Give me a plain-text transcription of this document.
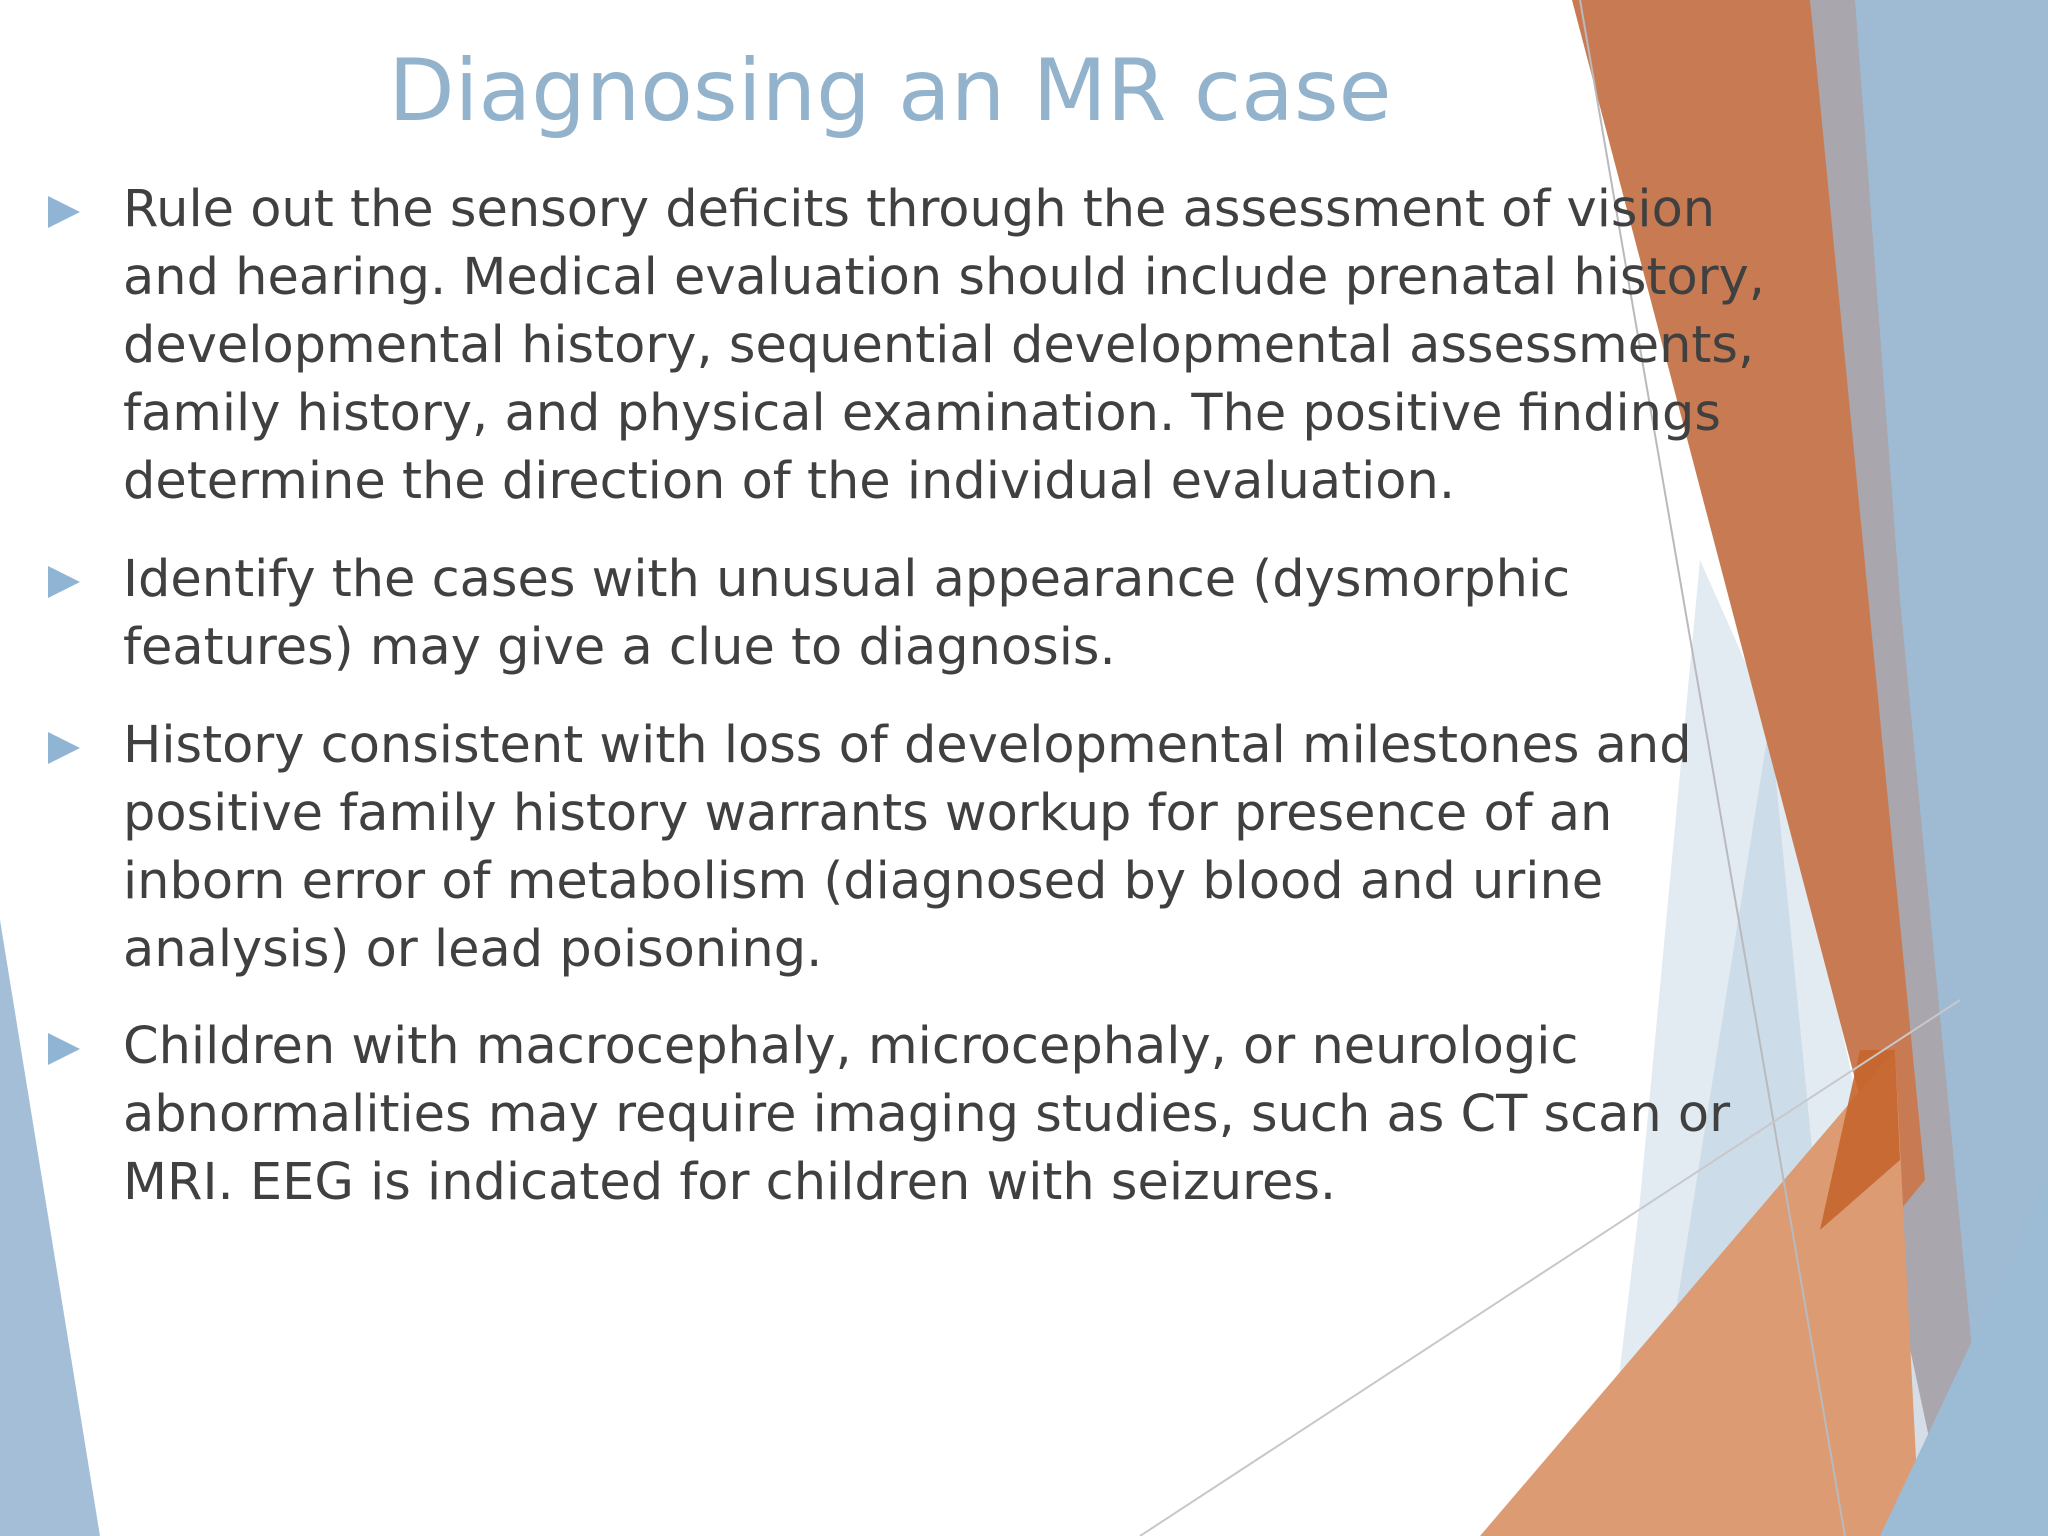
Diagnosing an MR case
Rule out the sensory deficits through the assessment of vision
and hearing. Medical evaluation should include prenatal history,
developmental history, sequential developmental assessments,
family history, and physical examination. The positive findings
determine the direction of the individual evaluation.
Identify the cases with unusual appearance (dysmorphic
features) may give a clue to diagnosis.
History consistent with loss of developmental milestones and
positive family history warrants workup for presence of an
inborn error of metabolism (diagnosed by blood and urine
analysis) or lead poisoning.
Children with macrocephaly, microcephaly, or neurologic
abnormalities may require imaging studies, such as CT scan or
MRI. EEG is indicated for children with seizures.
